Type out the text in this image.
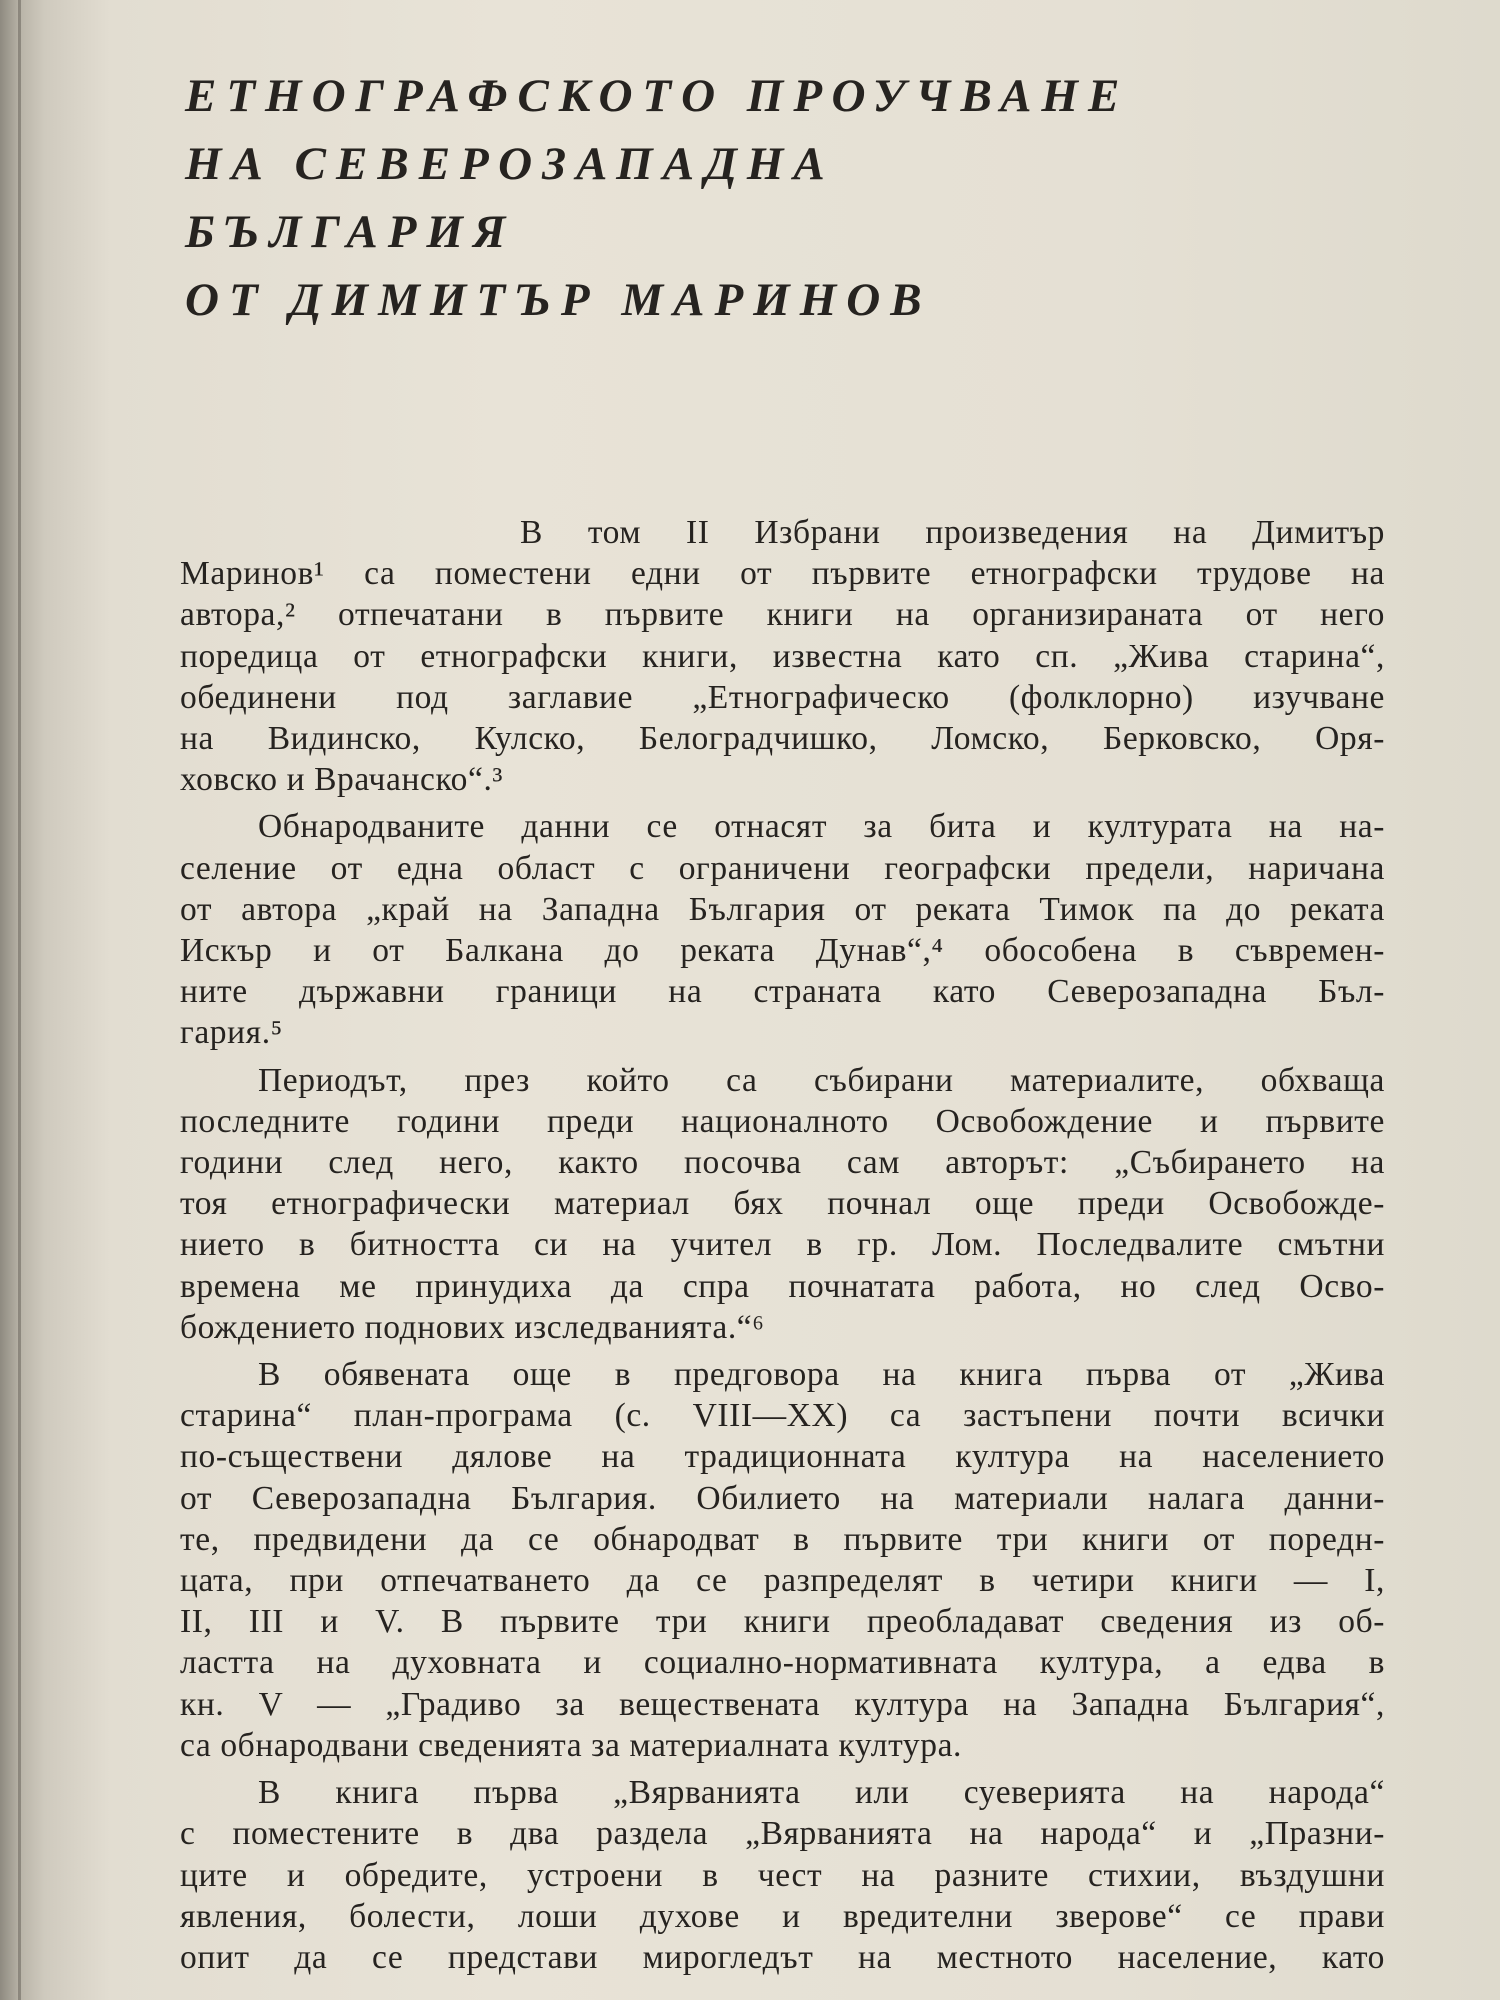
ЕТНОГРАФСКОТО ПРОУЧВАНЕ
НА СЕВЕРОЗАПАДНА
БЪЛГАРИЯ
ОТ ДИМИТЪР МАРИНОВ
В том II Избрани произведения на Димитър
Маринов¹ са поместени едни от първите етнографски трудове на
автора,² отпечатани в първите книги на организираната от него
поредица от етнографски книги, известна като сп. „Жива старина“,
обединени под заглавие „Етнографическо (фолклорно) изучване
на Видинско, Кулско, Белоградчишко, Ломско, Берковско, Оря-
ховско и Врачанско“.³
Обнародваните данни се отнасят за бита и културата на на-
селение от една област с ограничени географски предели, наричана
от автора „край на Западна България от реката Тимок па до реката
Искър и от Балкана до реката Дунав“,⁴ обособена в съвремен-
ните държавни граници на страната като Северозападна Бъл-
гария.⁵
Периодът, през който са събирани материалите, обхваща
последните години преди националното Освобождение и първите
години след него, както посочва сам авторът: „Събирането на
тоя етнографически материал бях почнал още преди Освобожде-
нието в битността си на учител в гр. Лом. Последвалите смътни
времена ме принудиха да спра почнатата работа, но след Осво-
бождението поднових изследванията.“⁶
В обявената още в предговора на книга първа от „Жива
старина“ план-програма (с. VIII—XX) са застъпени почти всички
по-съществени дялове на традиционната култура на населението
от Северозападна България. Обилието на материали налага данни-
те, предвидени да се обнародват в първите три книги от поредн-
цата, при отпечатването да се разпределят в четири книги — I,
II, III и V. В първите три книги преобладават сведения из об-
ластта на духовната и социално-нормативната култура, а едва в
кн. V — „Градиво за веществената култура на Западна България“,
са обнародвани сведенията за материалната култура.
В книга първа „Вярванията или суеверията на народа“
с поместените в два раздела „Вярванията на народа“ и „Празни-
ците и обредите, устроени в чест на разните стихии, въздушни
явления, болести, лоши духове и вредителни зверове“ се прави
опит да се представи мирогледът на местното население, като
